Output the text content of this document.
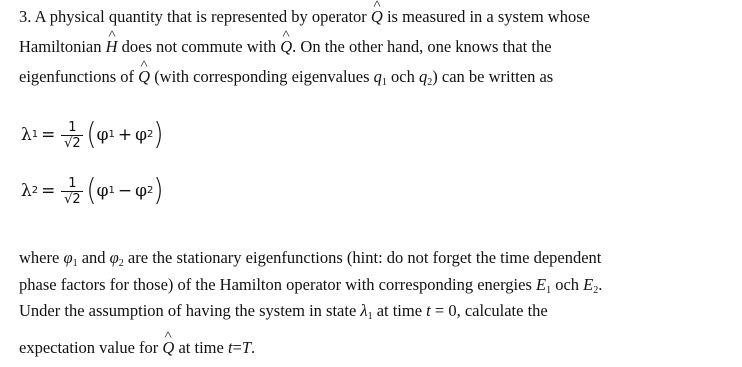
3. A physical quantity that is represented by operator ^ Q is measured in a system whose
Hamiltonian ^ H does not commute with ^ Q. On the other hand, one knows that the
eigenfunctions of ^ Q (with corresponding eigenvalues $q_1$ och $q_2$) can be written as
λ $1 = \frac{1}{√2}$ ( φ 1 + φ 2 )
λ $2 = \frac{1}{√2}$ ( φ 1 − φ 2 )
where $\varphi_1$ and $\varphi_2$ are the stationary eigenfunctions (hint: do not forget the time dependent
phase factors for those) of the Hamilton operator with corresponding energies $E_1$ och $E_2$.
Under the assumption of having the system in state $\lambda_1$ at time t = 0, calculate the
expectation value for ^ Q at time t=T.
